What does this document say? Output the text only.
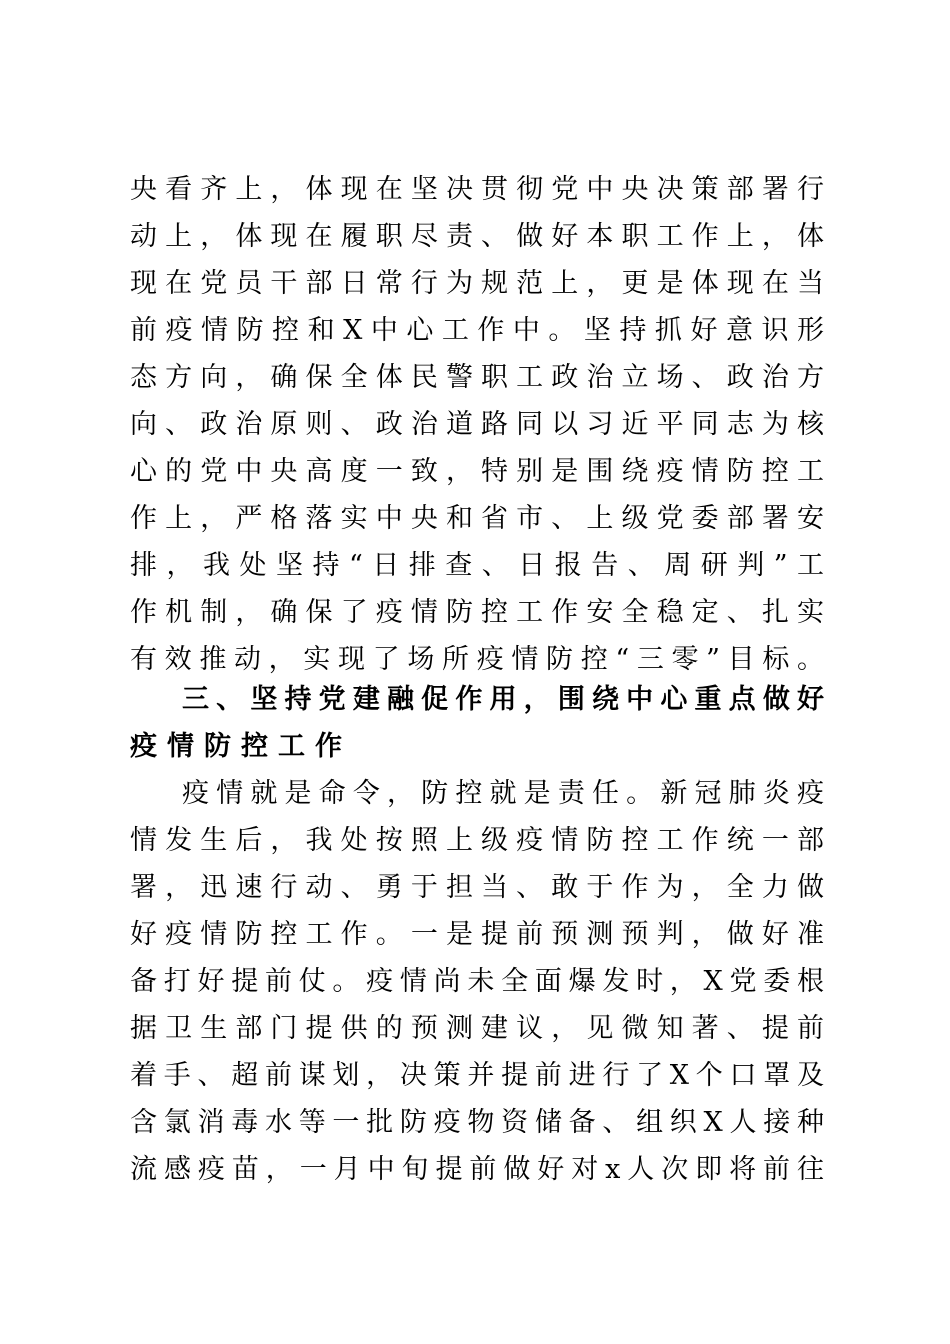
央看齐上，体现在坚决贯彻党中央决策部署行
动上，体现在履职尽责、做好本职工作上，体
现在党员干部日常行为规范上，更是体现在当
前疫情防控和X中心工作中。坚持抓好意识形
态方向，确保全体民警职工政治立场、政治方
向、政治原则、政治道路同以习近平同志为核
心的党中央高度一致，特别是围绕疫情防控工
作上，严格落实中央和省市、上级党委部署安
排，我处坚持“日排查、日报告、周研判”工
作机制，确保了疫情防控工作安全稳定、扎实
有效推动，实现了场所疫情防控“三零”目标。
三、坚持党建融促作用，围绕中心重点做好
疫情防控工作
疫情就是命令，防控就是责任。新冠肺炎疫
情发生后，我处按照上级疫情防控工作统一部
署，迅速行动、勇于担当、敢于作为，全力做
好疫情防控工作。一是提前预测预判，做好准
备打好提前仗。疫情尚未全面爆发时，X党委根
据卫生部门提供的预测建议，见微知著、提前
着手、超前谋划，决策并提前进行了X个口罩及
含氯消毒水等一批防疫物资储备、组织X人接种
流感疫苗，一月中旬提前做好对x人次即将前往
